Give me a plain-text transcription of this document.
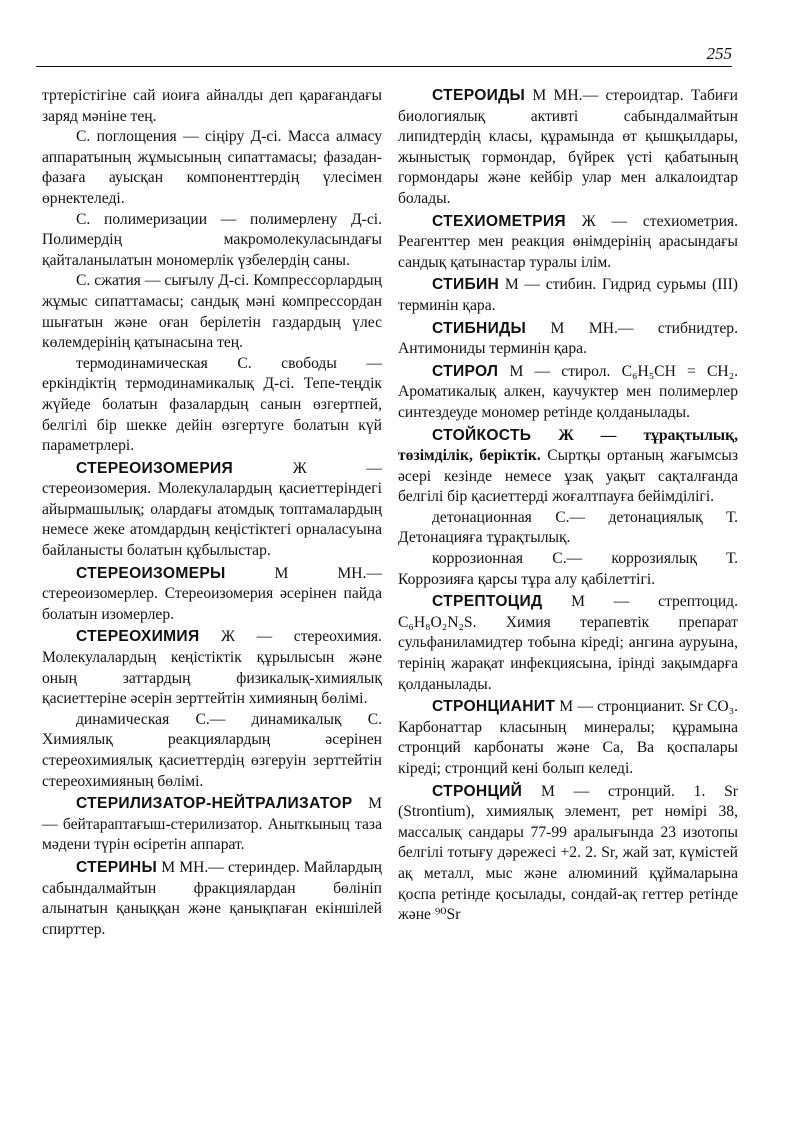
255

тртерістігіне сай иоиға айналды деп қарағандағы заряд мәніне тең.

С. поглощения — сіңіру Д-сі. Масса алмасу аппаратының жұмысының сипаттамасы; фазадан-фазаға ауысқан компоненттердің үлесімен өрнектеледі.

С. полимеризации — полимерлену Д-сі. Полимердің макромолекуласындағы қайталанылатын мономерлік үзбелердің саны.

С. сжатия — сығылу Д-сі. Компрессорлардың жұмыс сипаттамасы; сандық мәні компрессордан шығатын және оған берілетін газдардың үлес көлемдерінің қатынасына тең.

термодинамическая С. свободы — еркіндіктің термодинамикалық Д-сі. Тепе-теңдік жүйеде болатын фазалардың санын өзгертпей, белгілі бір шекке дейін өзгертуге болатын күй параметрлері.

СТЕРЕОИЗОМЕРИЯ Ж — стереоизомерия. Молекулалардың қасиеттеріндегі айырмашылық; олардағы атомдық топтамалардың немесе жеке атомдардың кеңістіктегі орналасуына байланысты болатын құбылыстар.

СТЕРЕОИЗОМЕРЫ М МН.— стереоизомерлер. Стереоизомерия әсерінен пайда болатын изомерлер.

СТЕРЕОХИМИЯ Ж — стереохимия. Молекулалардың кеңістіктік құрылысын және оның заттардың физикалық-химиялық қасиеттеріне әсерін зерттейтін химияның бөлімі.

динамическая С.— динамикалық С. Химиялық реакциялардың әсерінен стереохимиялық қасиеттердің өзгеруін зерттейтін стереохимияның бөлімі.

СТЕРИЛИЗАТОР-НЕЙТРАЛИЗАТОР М — бейтараптағыш-стерилизатор. Аныткыныц таза мәдени түрін өсіретін аппарат.

СТЕРИНЫ М МН.— стериндер. Майлардың сабындалмайтын фракциялардан бөлініп алынатын қаныққан және қанықпаған екіншілей спирттер.

СТЕРОИДЫ М МН.— стероидтар. Табиғи биологиялық активті сабындалмайтын липидтердің класы, құрамында өт қышқылдары, жыныстық гормондар, бүйрек үсті қабатының гормондары және кейбір улар мен алкалоидтар болады.

СТЕХИОМЕТРИЯ Ж — стехиометрия. Реагенттер мен реакция өнімдерінің арасындағы сандық қатынастар туралы ілім.

СТИБИН М — стибин. Гидрид сурьмы (III) терминін қара.

СТИБНИДЫ М МН.— стибнидтер. Антимониды терминін қара.

СТИРОЛ М — стирол. C₆H₅CH = CH₂. Ароматикалық алкен, каучуктер мен полимерлер синтездеуде мономер ретінде қолданылады.

СТОЙКОСТЬ Ж — тұрақтылық, төзімділік, беріктік. Сыртқы ортаның жағымсыз әсері кезінде немесе ұзақ уақыт сақталғанда белгілі бір қасиеттерді жоғалтпауға бейімділігі.

детонационная С.— детонациялық Т. Детонацияға тұрақтылық.

коррозионная С.— коррозиялық Т. Коррозияға қарсы тұра алу қабілеттігі.

СТРЕПТОЦИД М — стрептоцид. C₆H₈O₂N₂S. Химия терапевтік препарат сульфаниламидтер тобына кіреді; ангина ауруына, терінің жарақат инфекциясына, ірінді зақымдарға қолданылады.

СТРОНЦИАНИТ М — стронцианит. Sr CO₃. Карбонаттар класының минералы; құрамына стронций карбонаты және Ca, Ba қоспалары кіреді; стронций кені болып келеді.

СТРОНЦИЙ М — стронций. 1. Sr (Strontium), химиялық элемент, рет нөмірі 38, массалық сандары 77-99 аралығында 23 изотопы белгілі тотығу дәрежесі +2. 2. Sr, жай зат, күмістей ақ металл, мыс және алюминий құймаларына қоспа ретінде қосылады, сондай-ақ геттер ретінде және ⁹⁰Sr
